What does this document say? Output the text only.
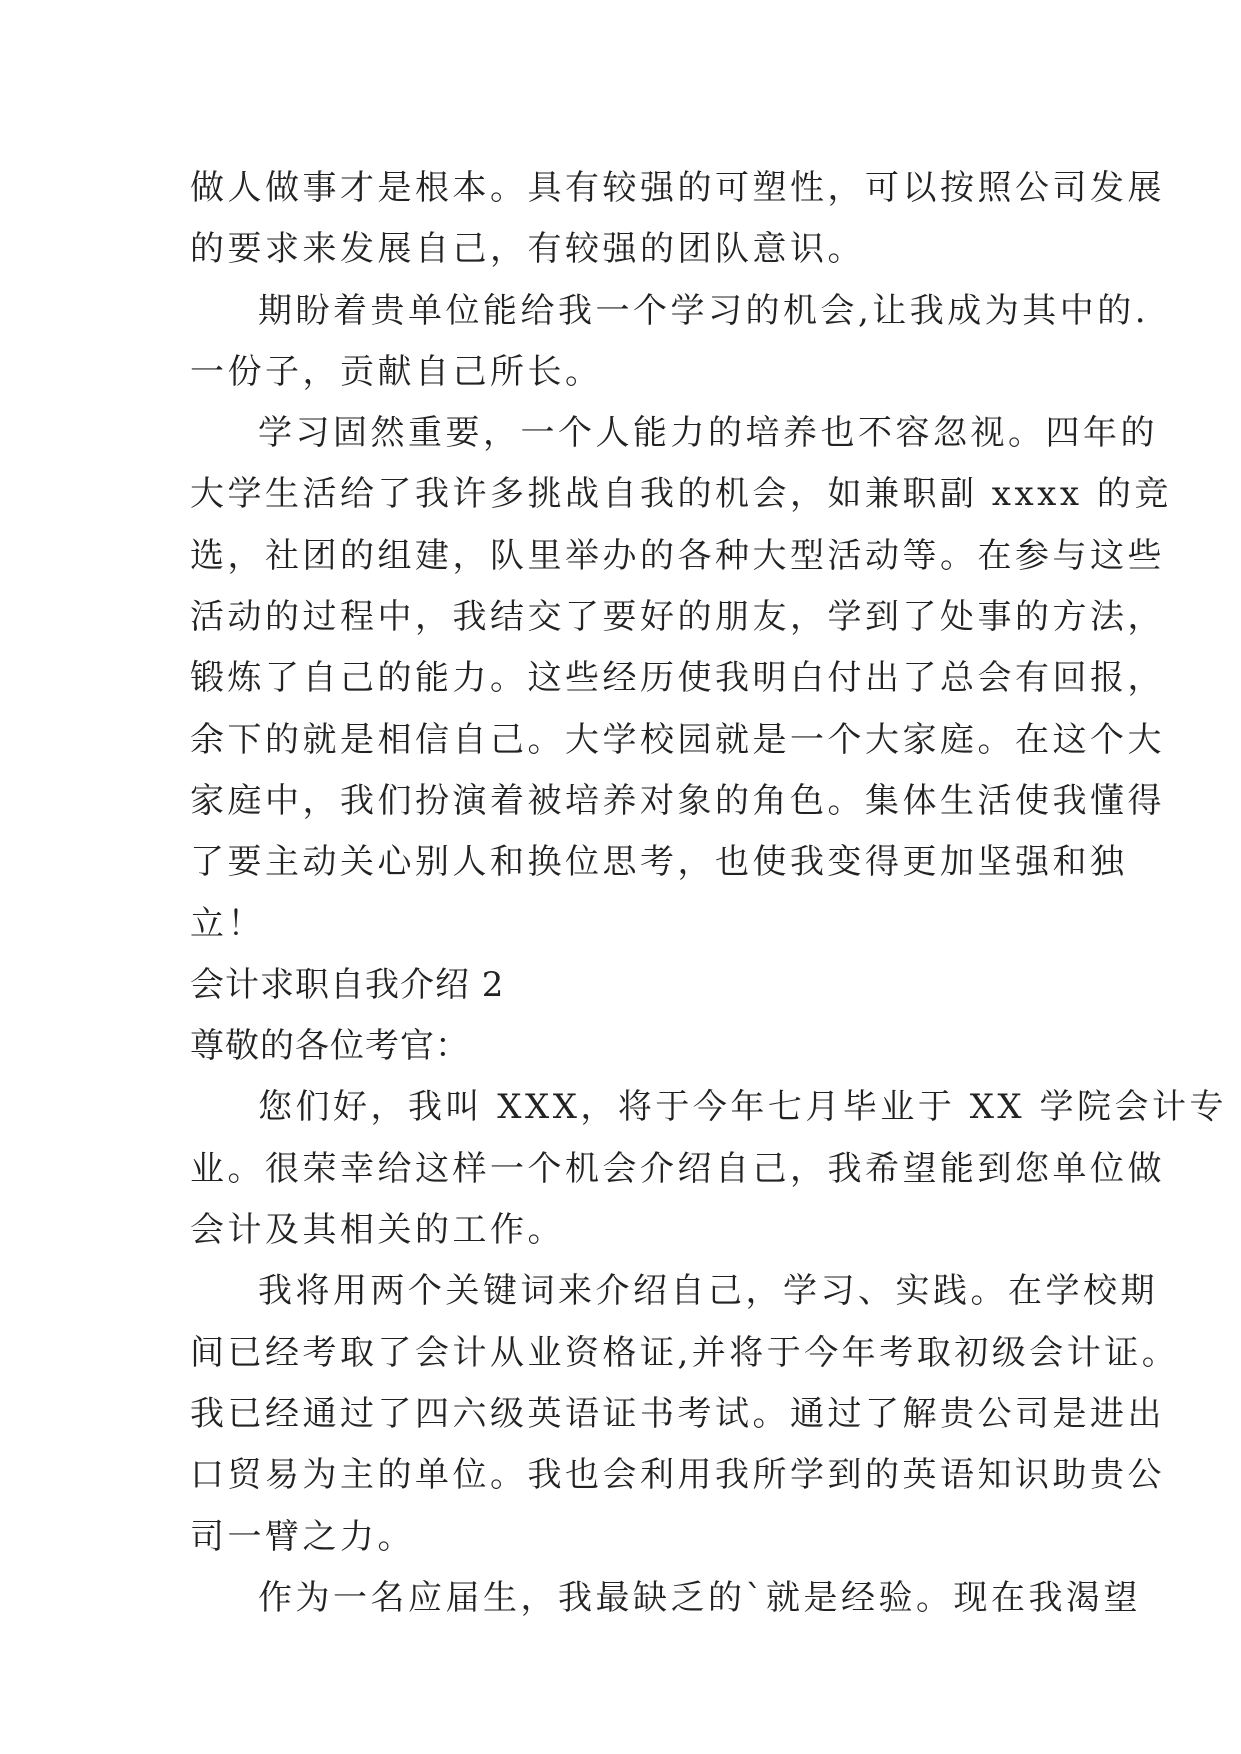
做人做事才是根本。具有较强的可塑性，可以按照公司发展
的要求来发展自己，有较强的团队意识。
期盼着贵单位能给我一个学习的机会,让我成为其中的.
一份子，贡献自己所长。
学习固然重要，一个人能力的培养也不容忽视。四年的
大学生活给了我许多挑战自我的机会，如兼职副 xxxx 的竞
选，社团的组建，队里举办的各种大型活动等。在参与这些
活动的过程中，我结交了要好的朋友，学到了处事的方法，
锻炼了自己的能力。这些经历使我明白付出了总会有回报，
余下的就是相信自己。大学校园就是一个大家庭。在这个大
家庭中，我们扮演着被培养对象的角色。集体生活使我懂得
了要主动关心别人和换位思考，也使我变得更加坚强和独
立！
会计求职自我介绍 2
尊敬的各位考官：
您们好，我叫 XXX，将于今年七月毕业于 XX 学院会计专
业。很荣幸给这样一个机会介绍自己，我希望能到您单位做
会计及其相关的工作。
我将用两个关键词来介绍自己，学习、实践。在学校期
间已经考取了会计从业资格证,并将于今年考取初级会计证。
我已经通过了四六级英语证书考试。通过了解贵公司是进出
口贸易为主的单位。我也会利用我所学到的英语知识助贵公
司一臂之力。
作为一名应届生，我最缺乏的`就是经验。现在我渴望
